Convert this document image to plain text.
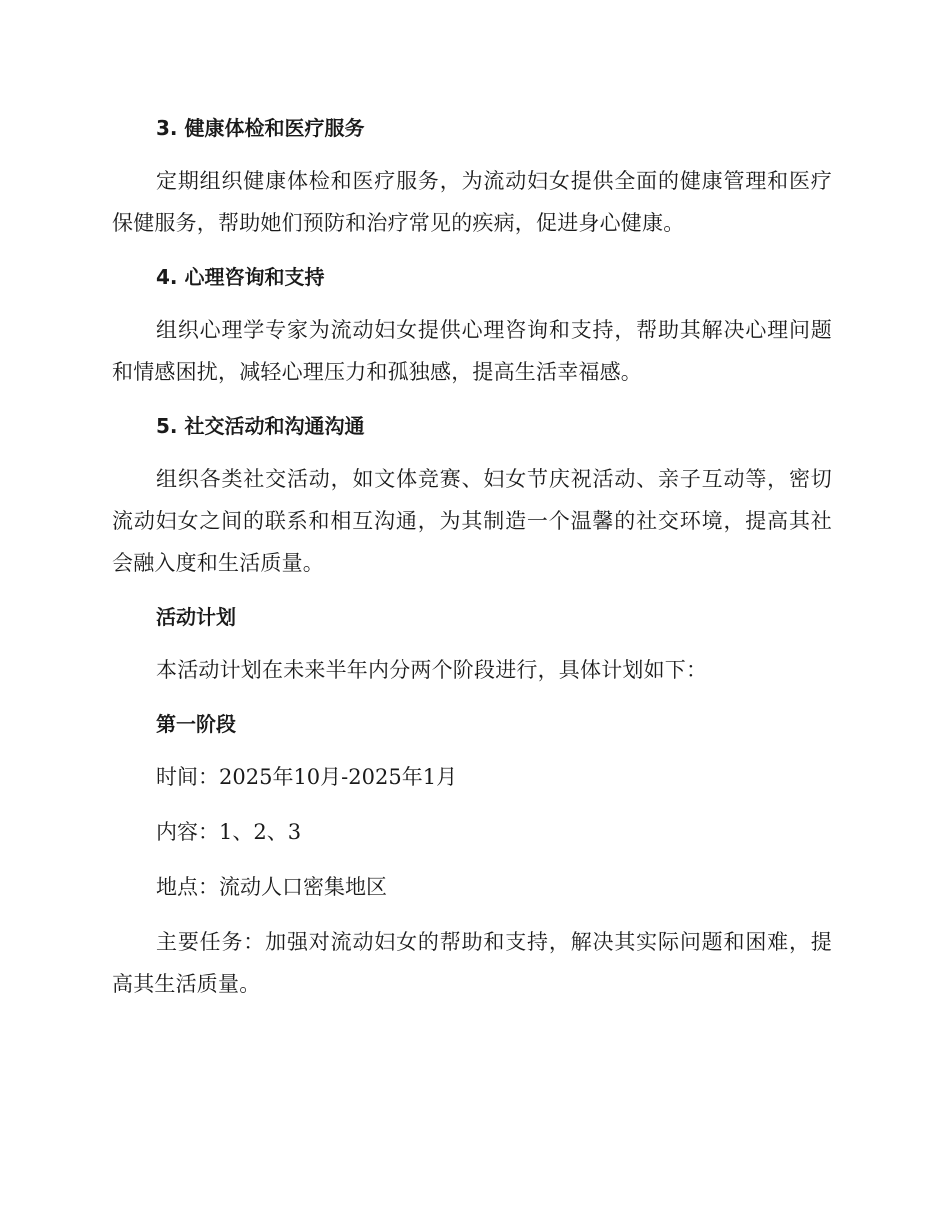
3. 健康体检和医疗服务

定期组织健康体检和医疗服务，为流动妇女提供全面的健康管理和医疗保健服务，帮助她们预防和治疗常见的疾病，促进身心健康。

4. 心理咨询和支持

组织心理学专家为流动妇女提供心理咨询和支持，帮助其解决心理问题和情感困扰，减轻心理压力和孤独感，提高生活幸福感。

5. 社交活动和沟通沟通

组织各类社交活动，如文体竞赛、妇女节庆祝活动、亲子互动等，密切流动妇女之间的联系和相互沟通，为其制造一个温馨的社交环境，提高其社会融入度和生活质量。

活动计划

本活动计划在未来半年内分两个阶段进行，具体计划如下：

第一阶段
时间：2025年10月-2025年1月
内容：1、2、3
地点：流动人口密集地区

主要任务：加强对流动妇女的帮助和支持，解决其实际问题和困难，提高其生活质量。
